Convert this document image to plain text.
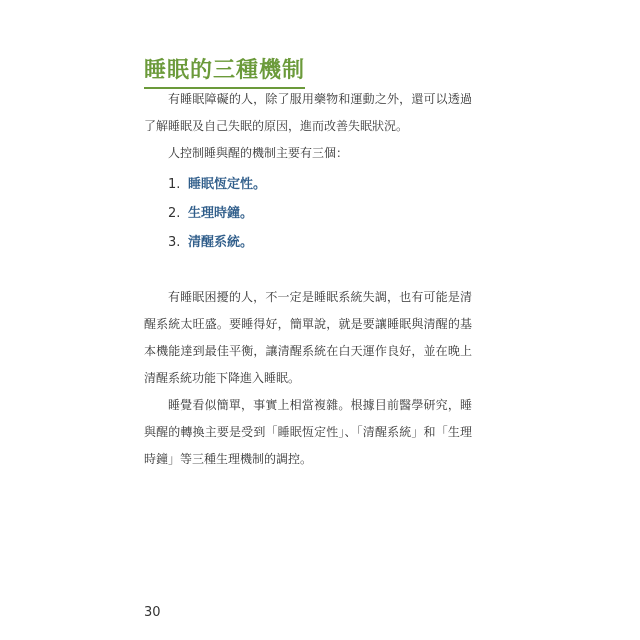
睡眠的三種機制

有睡眠障礙的人，除了服用藥物和運動之外，還可以透過了解睡眠及自己失眠的原因，進而改善失眠狀況。

人控制睡與醒的機制主要有三個：

1. 睡眠恆定性。
2. 生理時鐘。
3. 清醒系統。

有睡眠困擾的人，不一定是睡眠系統失調，也有可能是清醒系統太旺盛。要睡得好，簡單說，就是要讓睡眠與清醒的基本機能達到最佳平衡，讓清醒系統在白天運作良好，並在晚上清醒系統功能下降進入睡眠。

睡覺看似簡單，事實上相當複雜。根據目前醫學研究，睡與醒的轉換主要是受到「睡眠恆定性」、「清醒系統」和「生理時鐘」等三種生理機制的調控。

30
